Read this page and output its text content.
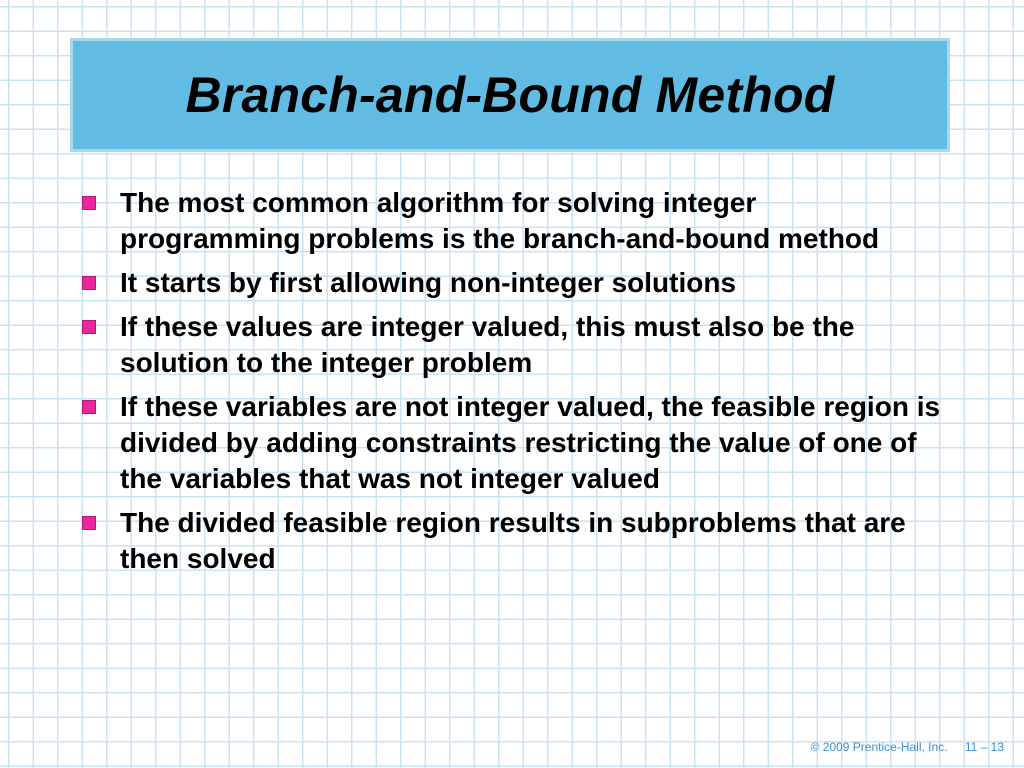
Branch-and-Bound Method
The most common algorithm for solving integer programming problems is the branch-and-bound method
It starts by first allowing non-integer solutions
If these values are integer valued, this must also be the solution to the integer problem
If these variables are not integer valued, the feasible region is divided by adding constraints restricting the value of one of the variables that was not integer valued
The divided feasible region results in subproblems that are then solved
© 2009 Prentice-Hall, Inc. 11 – 13
